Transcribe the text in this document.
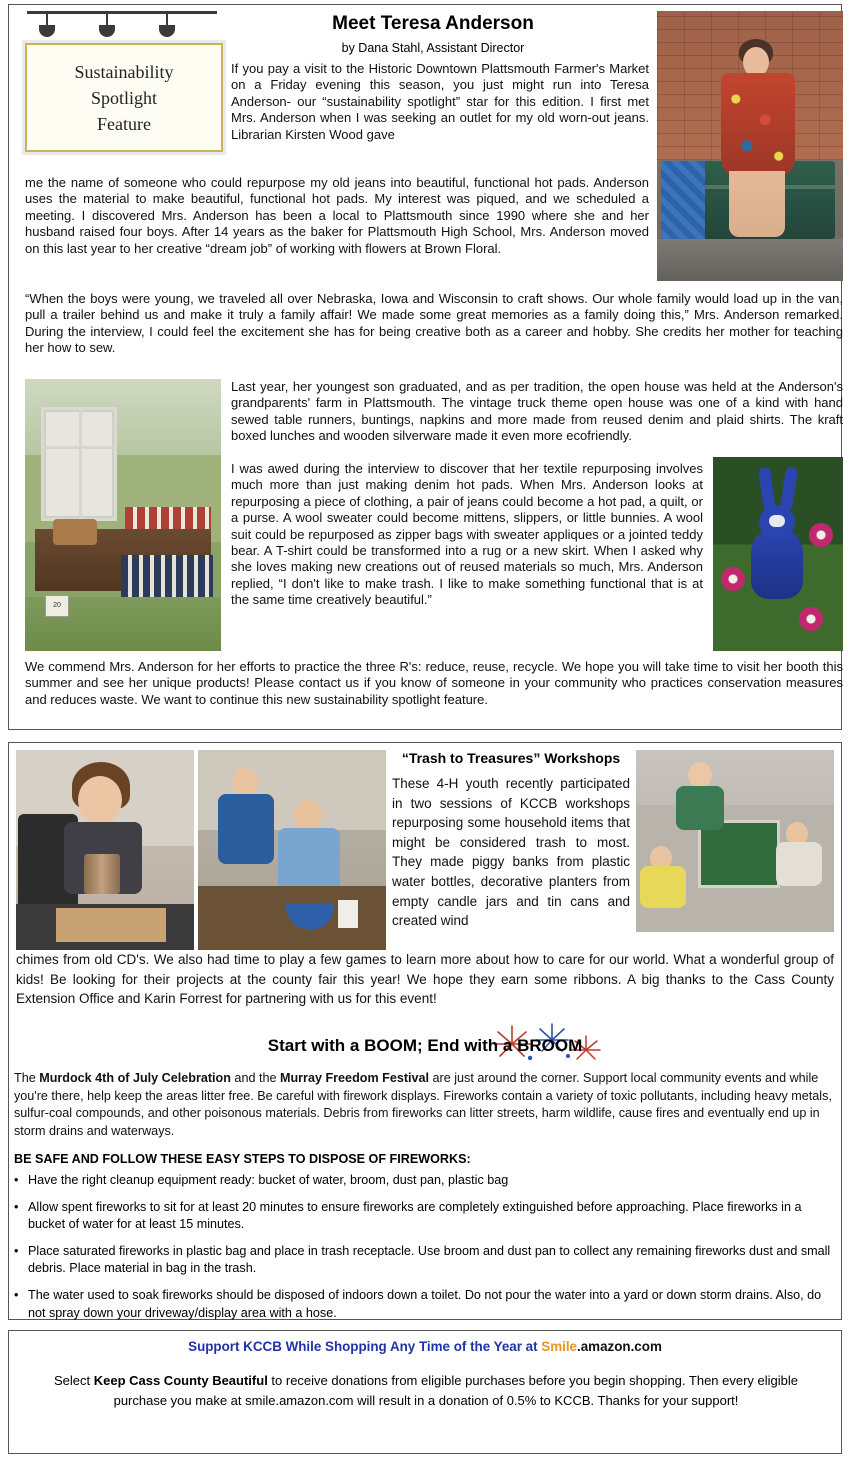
Sustainability
Spotlight
Feature
Meet Teresa Anderson
by Dana Stahl, Assistant Director
If you pay a visit to the Historic Downtown Plattsmouth Farmer's Market on a Friday evening this season, you just might run into Teresa Anderson- our “sustainability spotlight” star for this edition. I first met Mrs. Anderson when I was seeking an outlet for my old worn-out jeans. Librarian Kirsten Wood gave
me the name of someone who could repurpose my old jeans into beautiful, functional hot pads. Anderson uses the material to make beautiful, functional hot pads. My interest was piqued, and we scheduled a meeting. I discovered Mrs. Anderson has been a local to Plattsmouth since 1990 where she and her husband raised four boys. After 14 years as the baker for Plattsmouth High School, Mrs. Anderson moved on this last year to her creative “dream job” of working with flowers at Brown Floral.
“When the boys were young, we traveled all over Nebraska, Iowa and Wisconsin to craft shows. Our whole family would load up in the van, pull a trailer behind us and make it truly a family affair! We made some great memories as a family doing this,” Mrs. Anderson remarked. During the interview, I could feel the excitement she has for being creative both as a career and hobby. She credits her mother for teaching her how to sew.
20
Last year, her youngest son graduated, and as per tradition, the open house was held at the Anderson's grandparents' farm in Plattsmouth. The vintage truck theme open house was one of a kind with hand sewed table runners, buntings, napkins and more made from reused denim and plaid shirts. The kraft boxed lunches and wooden silverware made it even more ecofriendly.
I was awed during the interview to discover that her textile repurposing involves much more than just making denim hot pads. When Mrs. Anderson looks at repurposing a piece of clothing, a pair of jeans could become a hot pad, a quilt, or a purse. A wool sweater could become mittens, slippers, or little bunnies. A wool suit could be repurposed as zipper bags with sweater appliques or a jointed teddy bear. A T-shirt could be transformed into a rug or a new skirt. When I asked why she loves making new creations out of reused materials so much, Mrs. Anderson replied, “I don't like to make trash. I like to make something functional that is at the same time creatively beautiful.”
We commend Mrs. Anderson for her efforts to practice the three R's: reduce, reuse, recycle. We hope you will take time to visit her booth this summer and see her unique products! Please contact us if you know of someone in your community who practices conservation measures and reduces waste. We want to continue this new sustainability spotlight feature.
“Trash to Treasures” Workshops
These 4-H youth recently participated in two sessions of KCCB workshops repurposing some household items that might be considered trash to most. They made piggy banks from plastic water bottles, decorative planters from empty candle jars and tin cans and created wind
chimes from old CD's. We also had time to play a few games to learn more about how to care for our world. What a wonderful group of kids! Be looking for their projects at the county fair this year! We hope they earn some ribbons. A big thanks to the Cass County Extension Office and Karin Forrest for partnering with us for this event!
Start with a BOOM; End with a BROOM
The Murdock 4th of July Celebration and the Murray Freedom Festival are just around the corner. Support local community events and while you're there, help keep the areas litter free. Be careful with firework displays. Fireworks contain a variety of toxic pollutants, including heavy metals, sulfur-coal compounds, and other poisonous materials. Debris from fireworks can litter streets, harm wildlife, cause fires and eventually end up in storm drains and waterways.
BE SAFE AND FOLLOW THESE EASY STEPS TO DISPOSE OF FIREWORKS:
• Have the right cleanup equipment ready: bucket of water, broom, dust pan, plastic bag
• Allow spent fireworks to sit for at least 20 minutes to ensure fireworks are completely extinguished before approaching. Place fireworks in a bucket of water for at least 15 minutes.
• Place saturated fireworks in plastic bag and place in trash receptacle. Use broom and dust pan to collect any remaining fireworks dust and small debris. Place material in bag in the trash.
• The water used to soak fireworks should be disposed of indoors down a toilet. Do not pour the water into a yard or down storm drains. Also, do not spray down your driveway/display area with a hose.
Support KCCB While Shopping Any Time of the Year at Smile.amazon.com
Select Keep Cass County Beautiful to receive donations from eligible purchases before you begin shopping. Then every eligible purchase you make at smile.amazon.com will result in a donation of 0.5% to KCCB. Thanks for your support!
